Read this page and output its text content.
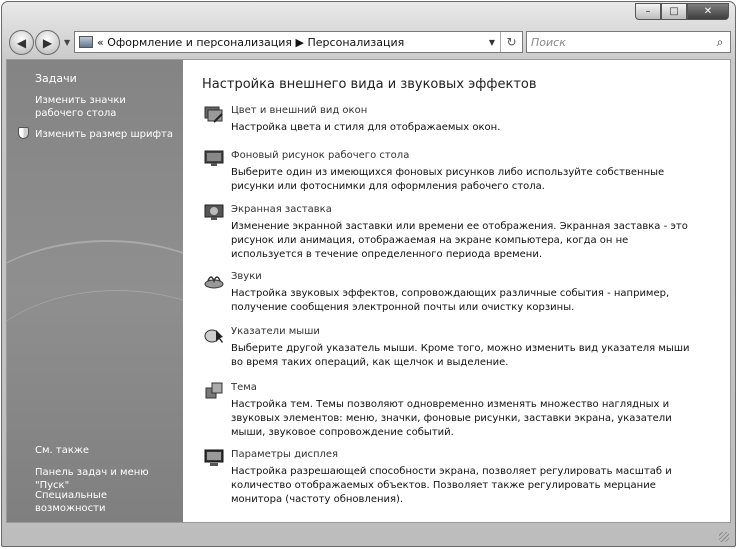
–	□	✕
◀ ▶ ▼ « Оформление и персонализация ▶ Персонализация	▼ ↻	Поиск	⌕
Задачи
Изменить значки рабочего стола
Изменить размер шрифта
См. также
Панель задач и меню "Пуск"
Специальные возможности
Настройка внешнего вида и звуковых эффектов
Цвет и внешний вид окон
Настройка цвета и стиля для отображаемых окон.
Фоновый рисунок рабочего стола
Выберите один из имеющихся фоновых рисунков либо используйте собственные рисунки или фотоснимки для оформления рабочего стола.
Экранная заставка
Изменение экранной заставки или времени ее отображения. Экранная заставка - это рисунок или анимация, отображаемая на экране компьютера, когда он не используется в течение определенного периода времени.
Звуки
Настройка звуковых эффектов, сопровождающих различные события - например, получение сообщения электронной почты или очистку корзины.
Указатели мыши
Выберите другой указатель мыши. Кроме того, можно изменить вид указателя мыши во время таких операций, как щелчок и выделение.
Тема
Настройка тем. Темы позволяют одновременно изменять множество наглядных и звуковых элементов: меню, значки, фоновые рисунки, заставки экрана, указатели мыши, звуковое сопровождение событий.
Параметры дисплея
Настройка разрешающей способности экрана, позволяет регулировать масштаб и количество отображаемых объектов. Позволяет также регулировать мерцание монитора (частоту обновления).
